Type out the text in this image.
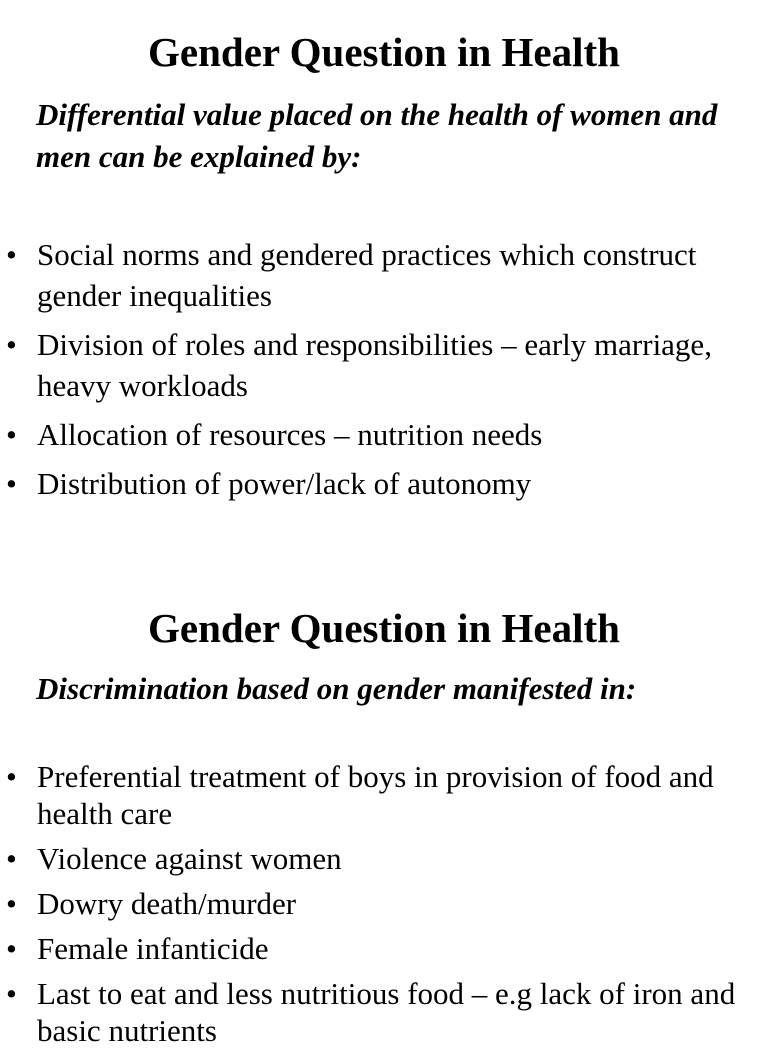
Gender Question in Health

Differential value placed on the health of women and men can be explained by:

• Social norms and gendered practices which construct gender inequalities
• Division of roles and responsibilities – early marriage, heavy workloads
• Allocation of resources – nutrition needs
• Distribution of power/lack of autonomy
Gender Question in Health

Discrimination based on gender manifested in:

• Preferential treatment of boys in provision of food and health care
• Violence against women
• Dowry death/murder
• Female infanticide
• Last to eat and less nutritious food – e.g lack of iron and basic nutrients
